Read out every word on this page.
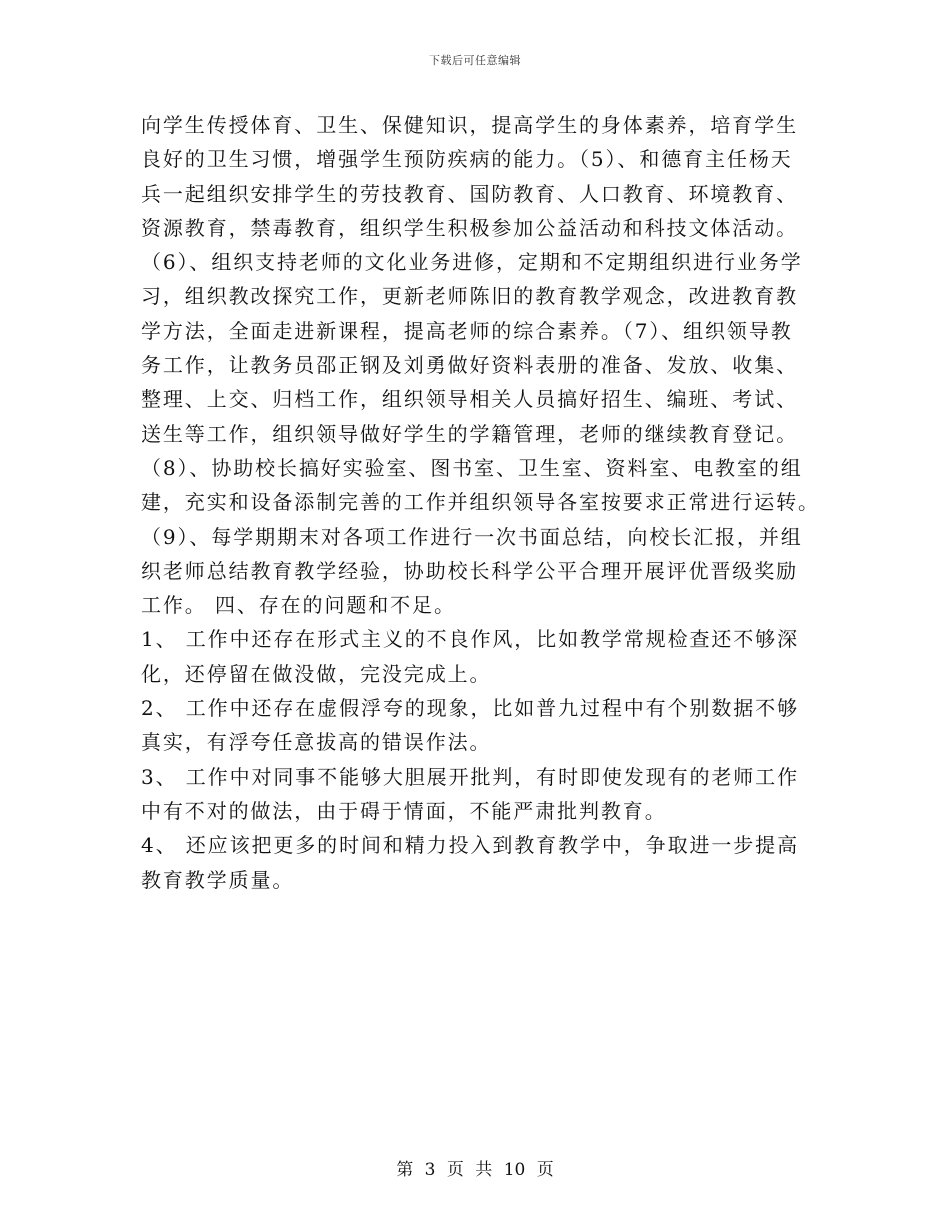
下载后可任意编辑
向学生传授体育、卫生、保健知识，提高学生的身体素养，培育学生
良好的卫生习惯，增强学生预防疾病的能力。（5）、和德育主任杨天
兵一起组织安排学生的劳技教育、国防教育、人口教育、环境教育、
资源教育，禁毒教育，组织学生积极参加公益活动和科技文体活动。
（6）、组织支持老师的文化业务进修，定期和不定期组织进行业务学
习，组织教改探究工作，更新老师陈旧的教育教学观念，改进教育教
学方法，全面走进新课程，提高老师的综合素养。（7）、组织领导教
务工作，让教务员邵正钢及刘勇做好资料表册的准备、发放、收集、
整理、上交、归档工作，组织领导相关人员搞好招生、编班、考试、
送生等工作，组织领导做好学生的学籍管理，老师的继续教育登记。
（8）、协助校长搞好实验室、图书室、卫生室、资料室、电教室的组
建，充实和设备添制完善的工作并组织领导各室按要求正常进行运转。
（9）、每学期期末对各项工作进行一次书面总结，向校长汇报，并组
织老师总结教育教学经验，协助校长科学公平合理开展评优晋级奖励
工作。 四、存在的问题和不足。
1、 工作中还存在形式主义的不良作风，比如教学常规检查还不够深
化，还停留在做没做，完没完成上。
2、 工作中还存在虚假浮夸的现象，比如普九过程中有个别数据不够
真实，有浮夸任意拔高的错误作法。
3、 工作中对同事不能够大胆展开批判，有时即使发现有的老师工作
中有不对的做法，由于碍于情面，不能严肃批判教育。
4、 还应该把更多的时间和精力投入到教育教学中，争取进一步提高
教育教学质量。
第 3 页 共 10 页
